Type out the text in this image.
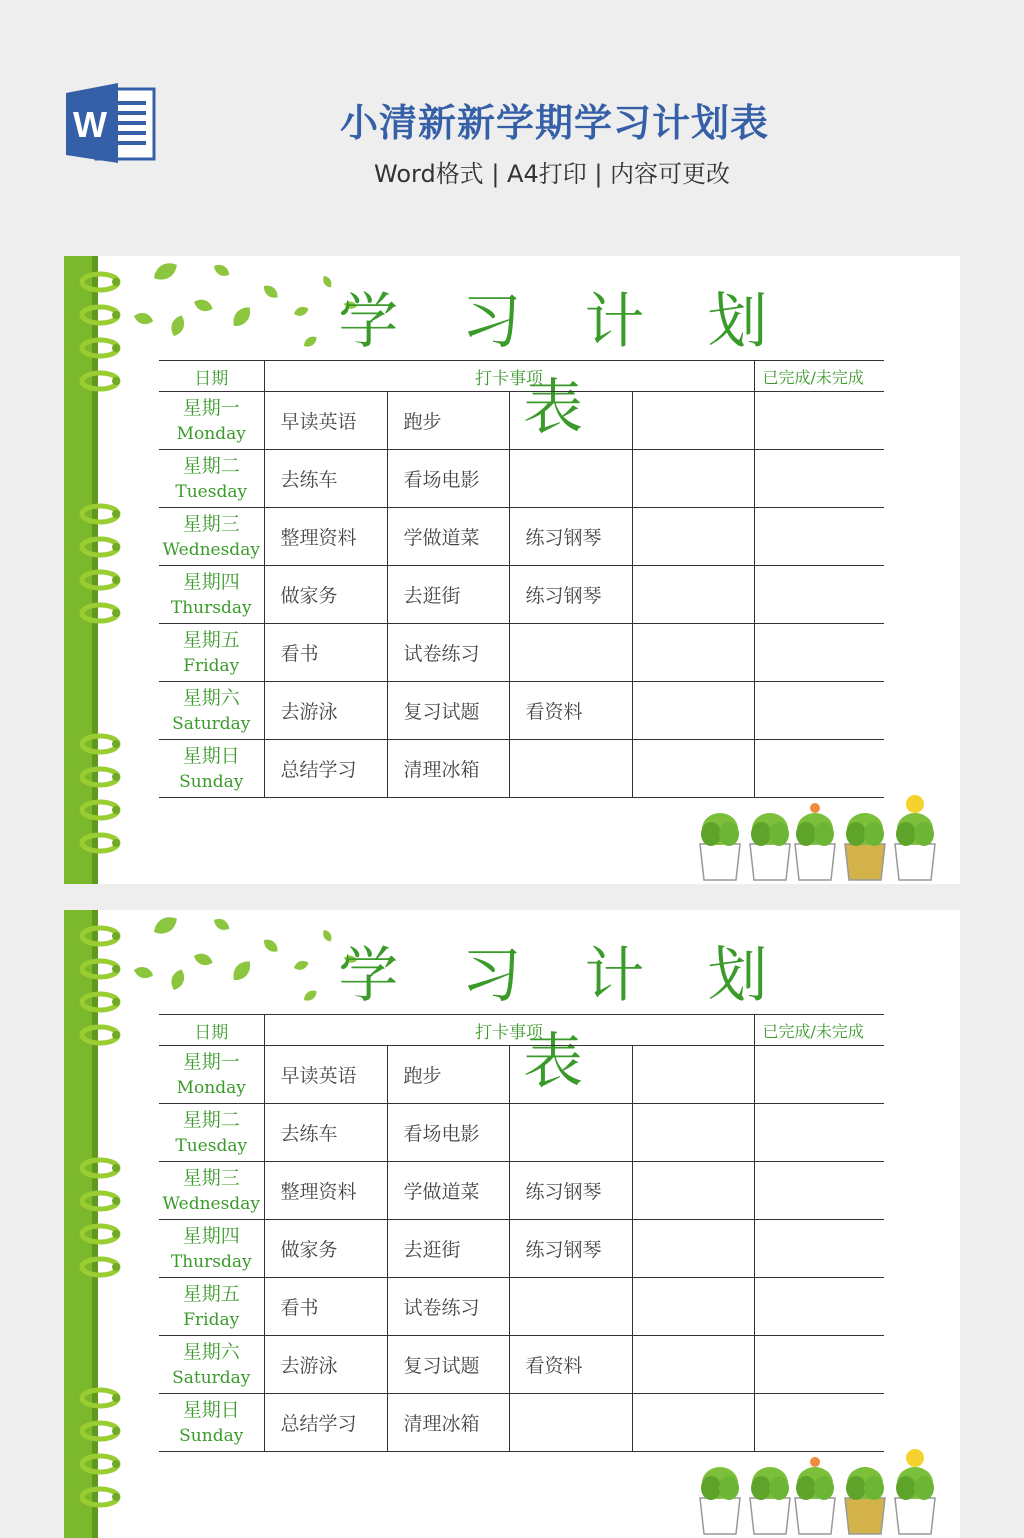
W	小清新新学期学习计划表
Word格式 | A4打印 | 内容可更改
学 习 计 划 表
日期	打卡事项				已完成/未完成

星期一
Monday	早读英语	跑步			

星期二
Tuesday	去练车	看场电影			

星期三
Wednesday	整理资料	学做道菜	练习钢琴		

星期四
Thursday	做家务	去逛街	练习钢琴		

星期五
Friday	看书	试卷练习			

星期六
Saturday	去游泳	复习试题	看资料		

星期日
Sunday	总结学习	清理冰箱			
学 习 计 划 表
日期	打卡事项				已完成/未完成

星期一
Monday	早读英语	跑步			

星期二
Tuesday	去练车	看场电影			

星期三
Wednesday	整理资料	学做道菜	练习钢琴		

星期四
Thursday	做家务	去逛街	练习钢琴		

星期五
Friday	看书	试卷练习			

星期六
Saturday	去游泳	复习试题	看资料		

星期日
Sunday	总结学习	清理冰箱			
